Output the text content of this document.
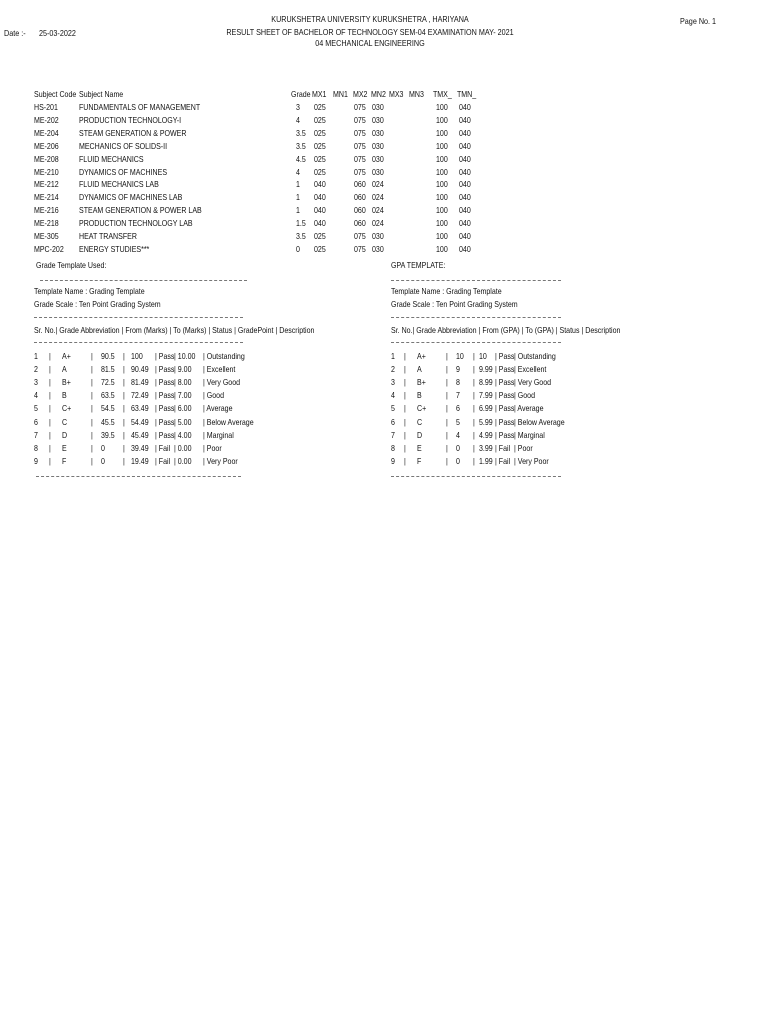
Date :- 25-03-2022
KURUKSHETRA UNIVERSITY KURUKSHETRA , HARIYANA
RESULT SHEET OF BACHELOR OF TECHNOLOGY SEM-04 EXAMINATION MAY- 2021
04 MECHANICAL ENGINEERING
Page No. 1
Subject Code Subject Name	Grade MX1 MN1 MX2 MN2 MX3 MN3 TMX_ TMN_
HS-201	FUNDAMENTALS OF MANAGEMENT	3 025	075 030	100 040
ME-202 PRODUCTION TECHNOLOGY-I	4 025	075 030	100 040
ME-204 STEAM GENERATION & POWER	3.5 025	075 030	100 040
ME-206 MECHANICS OF SOLIDS-II	3.5 025	075 030	100 040
ME-208 FLUID MECHANICS	4.5 025	075 030	100 040
ME-210 DYNAMICS OF MACHINES	4 025	075 030	100 040
ME-212 FLUID MECHANICS LAB	1 040	060 024	100 040
ME-214 DYNAMICS OF MACHINES LAB	1 040	060 024	100 040
ME-216 STEAM GENERATION & POWER LAB	1 040	060 024	100 040
ME-218 PRODUCTION TECHNOLOGY LAB	1.5 040	060 024	100 040
ME-305 HEAT TRANSFER	3.5 025	075 030	100 040
MPC-202 ENERGY STUDIES***	0 025	075 030	100 040
Grade Template Used:
Template Name : Grading Template
Grade Scale : Ten Point Grading System
Sr. No.| Grade Abbreviation | From (Marks) | To (Marks) | Status | GradePoint | Description
1 | A+ | 90.5 | 100 | Pass | 10.00 | Outstanding
2 | A	| 81.5 | 90.49 | Pass | 9.00 | Excellent
3 | B+ | 72.5 | 81.49 | Pass | 8.00 | Very Good
4 | B	| 63.5 | 72.49 | Pass | 7.00 | Good
5 | C+ | 54.5 | 63.49 | Pass | 6.00 | Average
6 | C	| 45.5 | 54.49 | Pass | 5.00 | Below Average
7 | D	| 39.5 | 45.49 | Pass | 4.00 | Marginal
8 | E	| 0 | 39.49 | Fail | 0.00 | Poor
9 | F	| 0 | 19.49 | Fail | 0.00 | Very Poor
GPA TEMPLATE:
Template Name : Grading Template
Grade Scale : Ten Point Grading System
Sr. No.| Grade Abbreviation | From (GPA) | To (GPA) | Status | Description
1 | A+ | 10 | 10 | Pass | Outstanding
2 | A	| 9 | 9.99 | Pass | Excellent
3 | B+ | 8 | 8.99 | Pass | Very Good
4 | B	| 7 | 7.99 | Pass | Good
5 | C+ | 6 | 6.99 | Pass | Average
6 | C	| 5 | 5.99 | Pass | Below Average
7 | D	| 4 | 4.99 | Pass | Marginal
8 | E	| 0 | 3.99 | Fail | Poor
9 | F	| 0 | 1.99 | Fail | Very Poor
